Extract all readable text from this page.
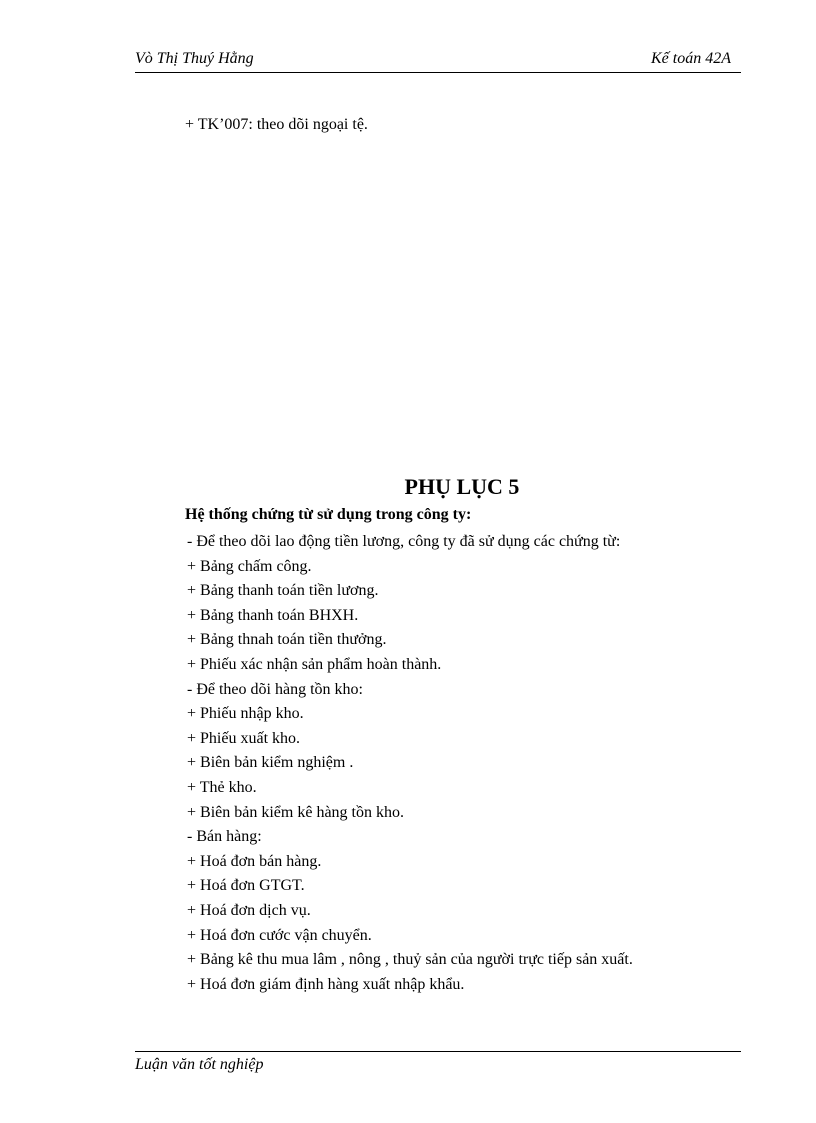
Vò Thị Thuý Hằng	Kế toán 42A
+ TK’007: theo dõi ngoại tệ.
PHỤ LỤC 5
Hệ thống chứng từ sử dụng trong công ty:
- Để theo dõi lao động tiền lương, công ty đã sử dụng các chứng từ:
+ Bảng chấm công.
+ Bảng thanh toán tiền lương.
+ Bảng thanh toán BHXH.
+ Bảng thnah toán tiền thưởng.
+ Phiếu xác nhận sản phẩm hoàn thành.
- Để theo dõi hàng tồn kho:
+ Phiếu nhập kho.
+ Phiếu xuất kho.
+ Biên bản kiểm nghiệm .
+ Thẻ kho.
+ Biên bản kiểm kê hàng tồn kho.
- Bán hàng:
+ Hoá đơn bán hàng.
+ Hoá đơn GTGT.
+ Hoá đơn dịch vụ.
+ Hoá đơn cước vận chuyển.
+ Bảng kê thu mua lâm , nông , thuỷ sản của người trực tiếp sản xuất.
+ Hoá đơn giám định hàng xuất nhập khẩu.
Luận văn tốt nghiệp
